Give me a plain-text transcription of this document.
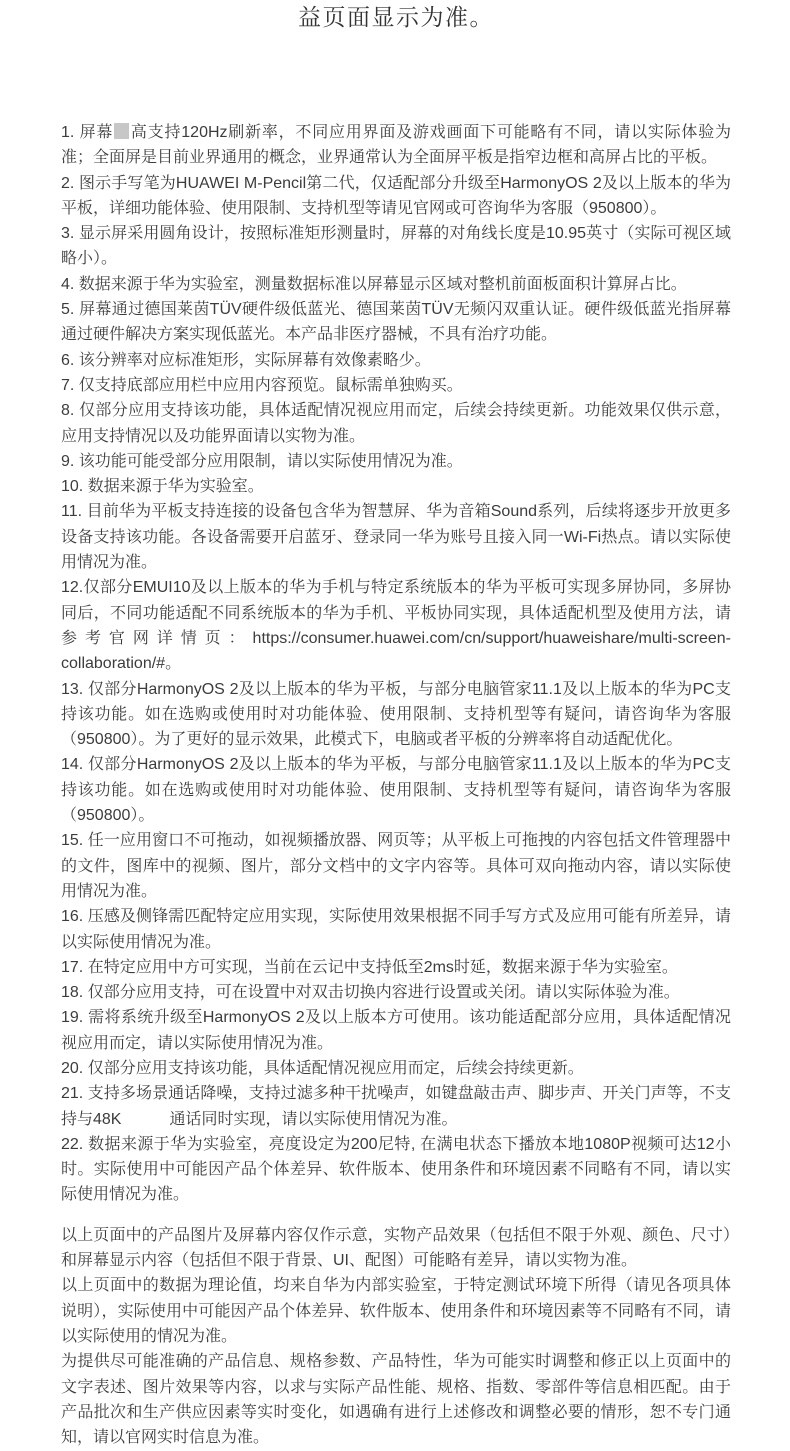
益页面显示为准。

1. 屏幕 高支持120Hz刷新率，不同应用界面及游戏画面下可能略有不同，请以实际体验为准；全面屏是目前业界通用的概念，业界通常认为全面屏平板是指窄边框和高屏占比的平板。

2. 图示手写笔为HUAWEI M-Pencil第二代，仅适配部分升级至HarmonyOS 2及以上版本的华为平板，详细功能体验、使用限制、支持机型等请见官网或可咨询华为客服（950800）。

3. 显示屏采用圆角设计，按照标准矩形测量时，屏幕的对角线长度是10.95英寸（实际可视区域略小）。

4. 数据来源于华为实验室，测量数据标准以屏幕显示区域对整机前面板面积计算屏占比。

5. 屏幕通过德国莱茵TÜV硬件级低蓝光、德国莱茵TÜV无频闪双重认证。硬件级低蓝光指屏幕通过硬件解决方案实现低蓝光。本产品非医疗器械，不具有治疗功能。

6. 该分辨率对应标准矩形，实际屏幕有效像素略少。

7. 仅支持底部应用栏中应用内容预览。鼠标需单独购买。

8. 仅部分应用支持该功能，具体适配情况视应用而定，后续会持续更新。功能效果仅供示意，应用支持情况以及功能界面请以实物为准。

9. 该功能可能受部分应用限制，请以实际使用情况为准。

10. 数据来源于华为实验室。

11. 目前华为平板支持连接的设备包含华为智慧屏、华为音箱Sound系列，后续将逐步开放更多设备支持该功能。各设备需要开启蓝牙、登录同一华为账号且接入同一Wi-Fi热点。请以实际使用情况为准。

12.仅部分EMUI10及以上版本的华为手机与特定系统版本的华为平板可实现多屏协同，多屏协同后，不同功能适配不同系统版本的华为手机、平板协同实现，具体适配机型及使用方法，请参考官网详情页：https://consumer.huawei.com/cn/support/huaweishare/multi-screen-collaboration/#。

13. 仅部分HarmonyOS 2及以上版本的华为平板，与部分电脑管家11.1及以上版本的华为PC支持该功能。如在选购或使用时对功能体验、使用限制、支持机型等有疑问，请咨询华为客服（950800）。为了更好的显示效果，此模式下，电脑或者平板的分辨率将自动适配优化。

14. 仅部分HarmonyOS 2及以上版本的华为平板，与部分电脑管家11.1及以上版本的华为PC支持该功能。如在选购或使用时对功能体验、使用限制、支持机型等有疑问，请咨询华为客服（950800）。

15. 任一应用窗口不可拖动，如视频播放器、网页等；从平板上可拖拽的内容包括文件管理器中的文件，图库中的视频、图片，部分文档中的文字内容等。具体可双向拖动内容，请以实际使用情况为准。

16. 压感及侧锋需匹配特定应用实现，实际使用效果根据不同手写方式及应用可能有所差异，请以实际使用情况为准。

17. 在特定应用中方可实现，当前在云记中支持低至2ms时延，数据来源于华为实验室。

18. 仅部分应用支持，可在设置中对双击切换内容进行设置或关闭。请以实际体验为准。

19. 需将系统升级至HarmonyOS 2及以上版本方可使用。该功能适配部分应用，具体适配情况视应用而定，请以实际使用情况为准。

20. 仅部分应用支持该功能，具体适配情况视应用而定，后续会持续更新。

21. 支持多场景通话降噪，支持过滤多种干扰噪声，如键盘敲击声、脚步声、开关门声等，不支持与48K　　　通话同时实现，请以实际使用情况为准。

22. 数据来源于华为实验室，亮度设定为200尼特, 在满电状态下播放本地1080P视频可达12小时。实际使用中可能因产品个体差异、软件版本、使用条件和环境因素不同略有不同，请以实际使用情况为准。

以上页面中的产品图片及屏幕内容仅作示意，实物产品效果（包括但不限于外观、颜色、尺寸）和屏幕显示内容（包括但不限于背景、UI、配图）可能略有差异，请以实物为准。

以上页面中的数据为理论值，均来自华为内部实验室，于特定测试环境下所得（请见各项具体说明），实际使用中可能因产品个体差异、软件版本、使用条件和环境因素等不同略有不同，请以实际使用的情况为准。

为提供尽可能准确的产品信息、规格参数、产品特性，华为可能实时调整和修正以上页面中的文字表述、图片效果等内容，以求与实际产品性能、规格、指数、零部件等信息相匹配。由于产品批次和生产供应因素等实时变化，如遇确有进行上述修改和调整必要的情形，恕不专门通知，请以官网实时信息为准。
